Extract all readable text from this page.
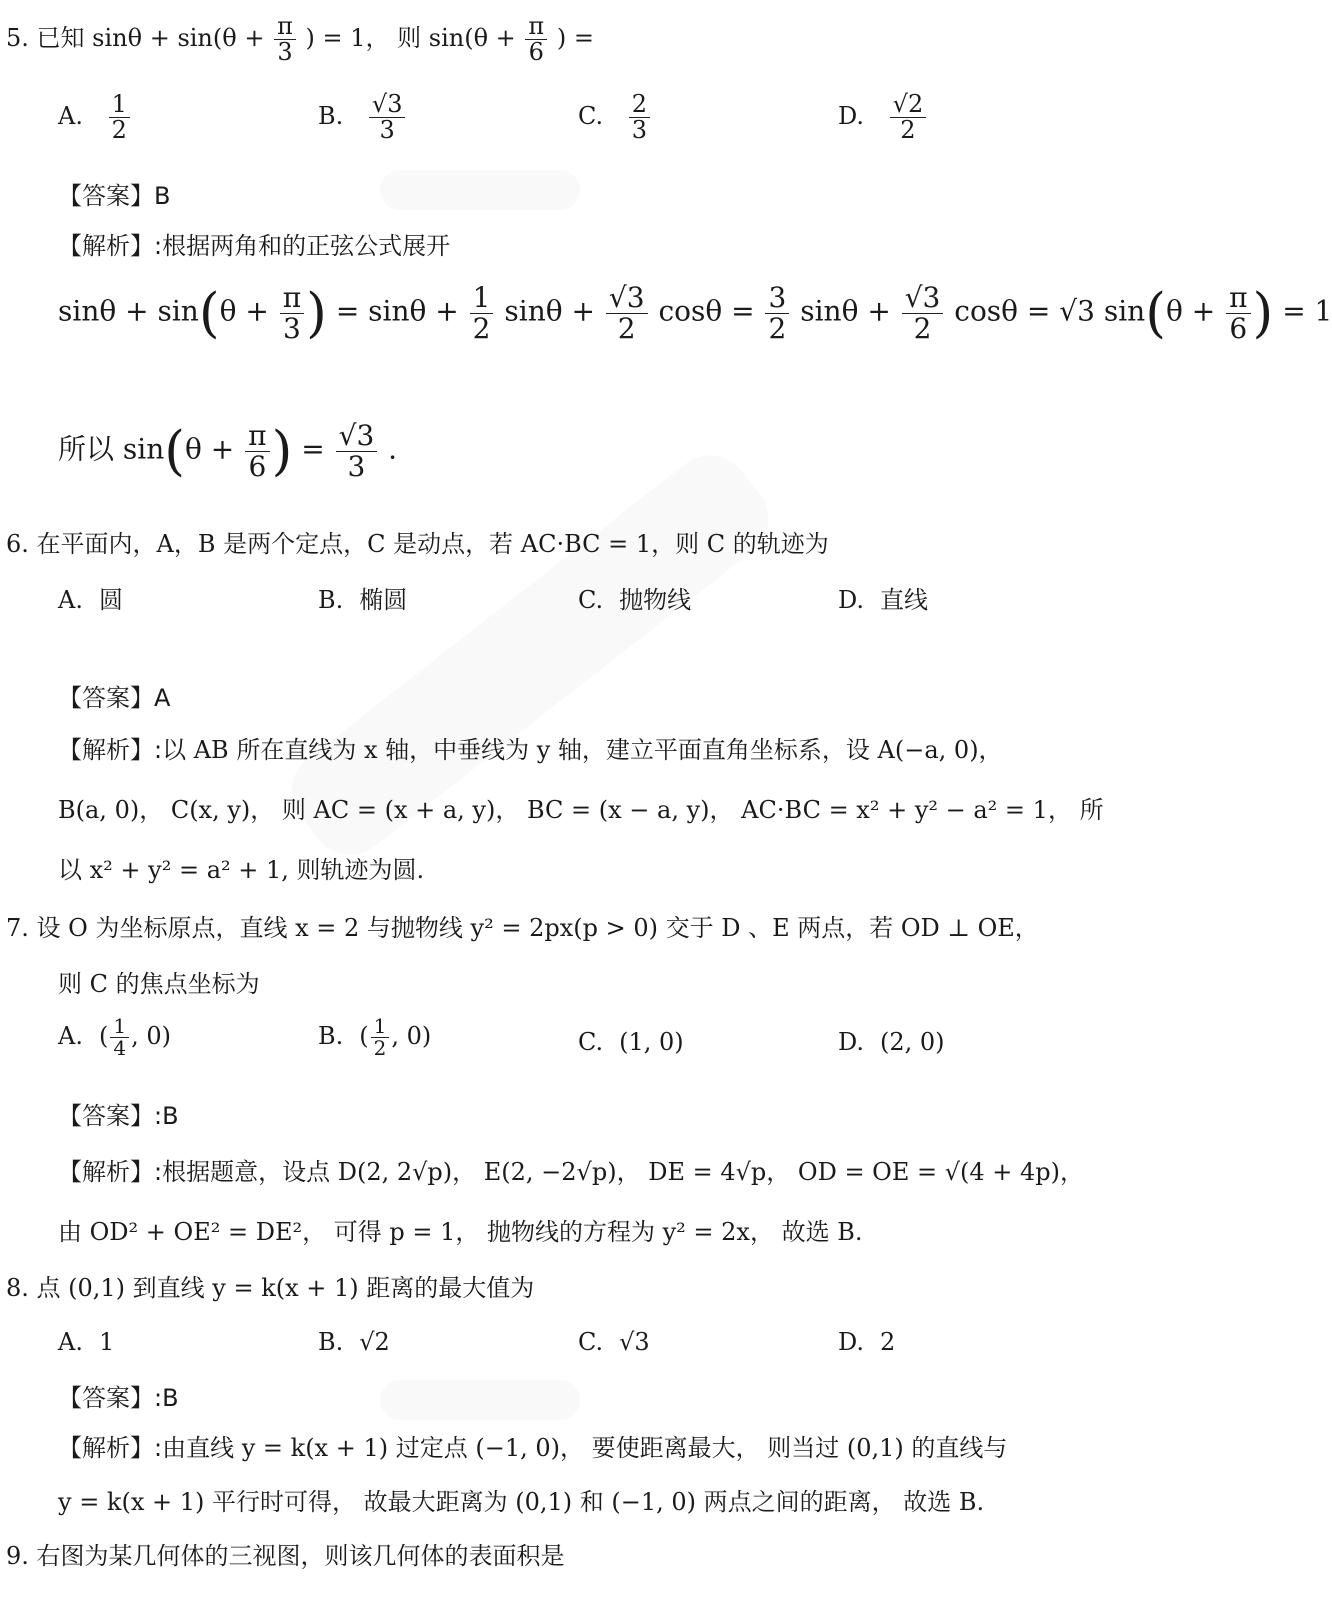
5. 已知 $\sin\theta + \sin(\theta + \frac{\pi}{3}$ ) = 1， 则 $\sin(\theta + \frac{\pi}{6}$ ) =
A. $\frac{1}{2}$	B. $\frac{√3}{3}$	C. $\frac{2}{3}$	D. $\frac{√2}{2}$
【答案】B
【解析】:根据两角和的正弦公式展开
$\sin\theta + \sin(\theta + \frac{\pi}{3}$ ) = $\sin\theta + \frac{1}{2}$ $\sin\theta + \frac{√3}{2}$ $\cos\theta = \frac{3}{2}$ $\sin\theta + \frac{√3}{2}$ cosθ = √3 $\sin(\theta + \frac{\pi}{6}$ ) = 1
所以 $\sin(\theta + \frac{\pi}{6}$ ) = $\frac{√3}{3}$ .
6. 在平面内，A，B 是两个定点，C 是动点，若 AC·BC = 1，则 C 的轨迹为
A. 圆	B. 椭圆	C. 抛物线	D. 直线
【答案】A
【解析】:以 AB 所在直线为 x 轴，中垂线为 y 轴，建立平面直角坐标系，设 A(−a, 0)，
B(a, 0)， C(x, y)， 则 AC = (x + a, y)， BC = (x − a, y)， AC·BC = x² + y² − a² = 1， 所
以 x² + y² = a² + 1, 则轨迹为圆.
7. 设 O 为坐标原点，直线 x = 2 与抛物线 y² = 2px(p > 0) 交于 D 、E 两点，若 OD ⊥ OE，
则 C 的焦点坐标为
A. ( $\frac{1}{4}$ , 0)	B. ( $\frac{1}{2}$ , 0)	C. (1, 0)	D. (2, 0)
【答案】:B
【解析】:根据题意，设点 D(2, 2√p)， E(2, −2√p)， DE = 4√p， OD = OE = √(4 + 4p)，
由 OD² + OE² = DE²， 可得 p = 1， 抛物线的方程为 y² = 2x， 故选 B.
8. 点 (0,1) 到直线 y = k(x + 1) 距离的最大值为
A. 1	B. √2	C. √3	D. 2
【答案】:B
【解析】:由直线 y = k(x + 1) 过定点 (−1, 0)， 要使距离最大， 则当过 (0,1) 的直线与
y = k(x + 1) 平行时可得， 故最大距离为 (0,1) 和 (−1, 0) 两点之间的距离， 故选 B.
9. 右图为某几何体的三视图，则该几何体的表面积是
